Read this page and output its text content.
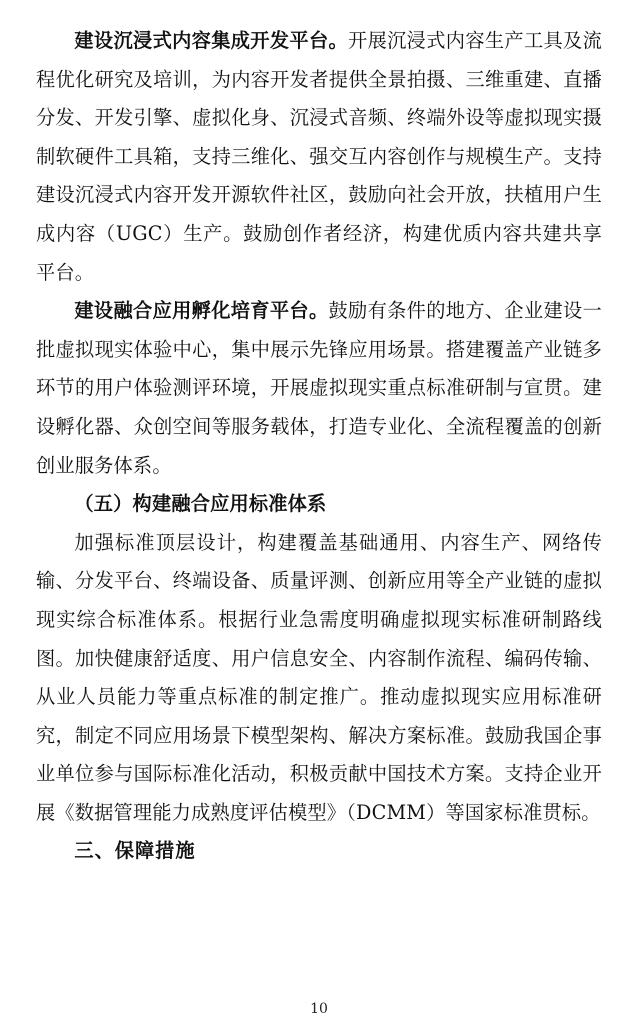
建设沉浸式内容集成开发平台。开展沉浸式内容生产工具及流程优化研究及培训，为内容开发者提供全景拍摄、三维重建、直播分发、开发引擎、虚拟化身、沉浸式音频、终端外设等虚拟现实摄制软硬件工具箱，支持三维化、强交互内容创作与规模生产。支持建设沉浸式内容开发开源软件社区，鼓励向社会开放，扶植用户生成内容（UGC）生产。鼓励创作者经济，构建优质内容共建共享平台。

建设融合应用孵化培育平台。鼓励有条件的地方、企业建设一批虚拟现实体验中心，集中展示先锋应用场景。搭建覆盖产业链多环节的用户体验测评环境，开展虚拟现实重点标准研制与宣贯。建设孵化器、众创空间等服务载体，打造专业化、全流程覆盖的创新创业服务体系。

（五）构建融合应用标准体系

加强标准顶层设计，构建覆盖基础通用、内容生产、网络传输、分发平台、终端设备、质量评测、创新应用等全产业链的虚拟现实综合标准体系。根据行业急需度明确虚拟现实标准研制路线图。加快健康舒适度、用户信息安全、内容制作流程、编码传输、从业人员能力等重点标准的制定推广。推动虚拟现实应用标准研究，制定不同应用场景下模型架构、解决方案标准。鼓励我国企事业单位参与国际标准化活动，积极贡献中国技术方案。支持企业开展《数据管理能力成熟度评估模型》（DCMM）等国家标准贯标。

三、保障措施

10
